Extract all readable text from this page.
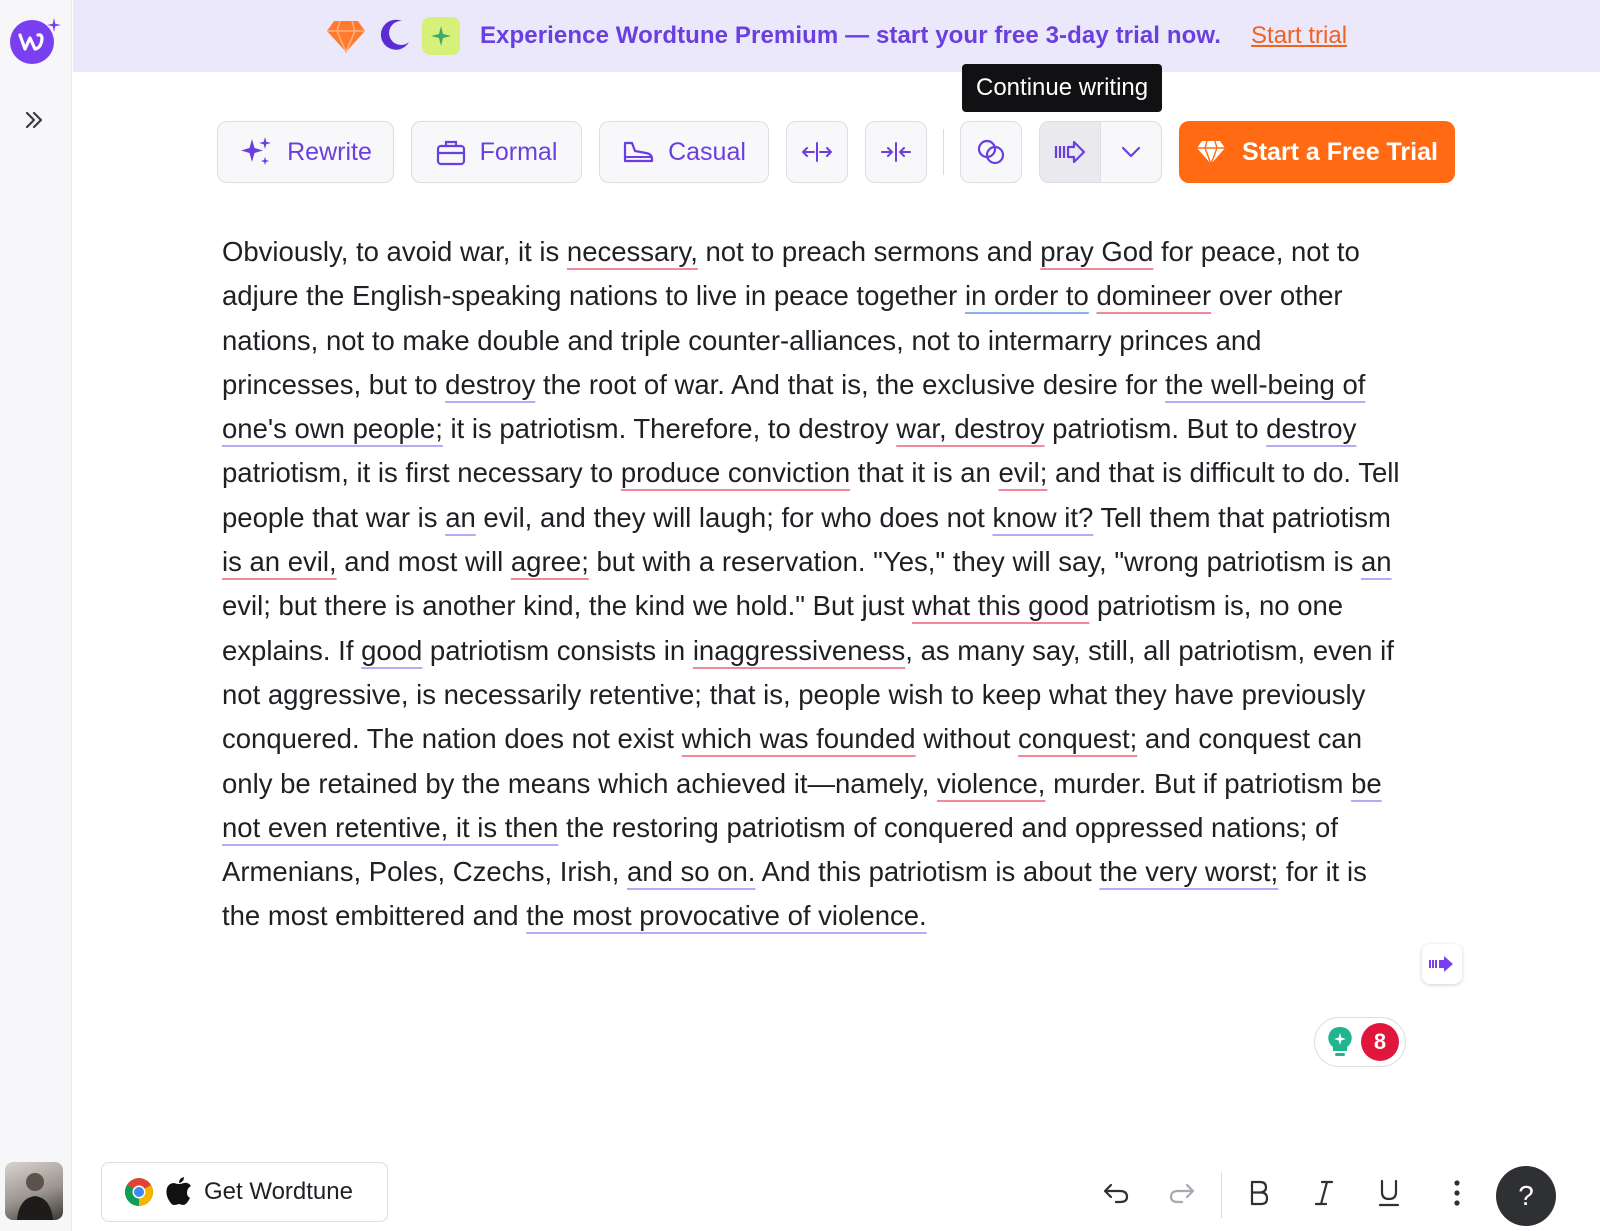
Experience Wordtune Premium — start your free 3-day trial now. Start trial
Rewrite	Formal	Casual	Start a Free Trial
Continue writing

Obviously, to avoid war, it is necessary, not to preach sermons and pray God for peace, not to adjure the English-speaking nations to live in peace together in order to domineer over other nations, not to make double and triple counter-alliances, not to intermarry princes and princesses, but to destroy the root of war. And that is, the exclusive desire for the well-being of one's own people; it is patriotism. Therefore, to destroy war, destroy patriotism. But to destroy patriotism, it is first necessary to produce conviction that it is an evil; and that is difficult to do. Tell people that war is an evil, and they will laugh; for who does not know it? Tell them that patriotism is an evil, and most will agree; but with a reservation. "Yes," they will say, "wrong patriotism is an evil; but there is another kind, the kind we hold." But just what this good patriotism is, no one explains. If good patriotism consists in inaggressiveness, as many say, still, all patriotism, even if not aggressive, is necessarily retentive; that is, people wish to keep what they have previously conquered. The nation does not exist which was founded without conquest; and conquest can only be retained by the means which achieved it—namely, violence, murder. But if patriotism be not even retentive, it is then the restoring patriotism of conquered and oppressed nations; of Armenians, Poles, Czechs, Irish, and so on. And this patriotism is about the very worst; for it is the most embittered and the most provocative of violence.

8
Get Wordtune	?
